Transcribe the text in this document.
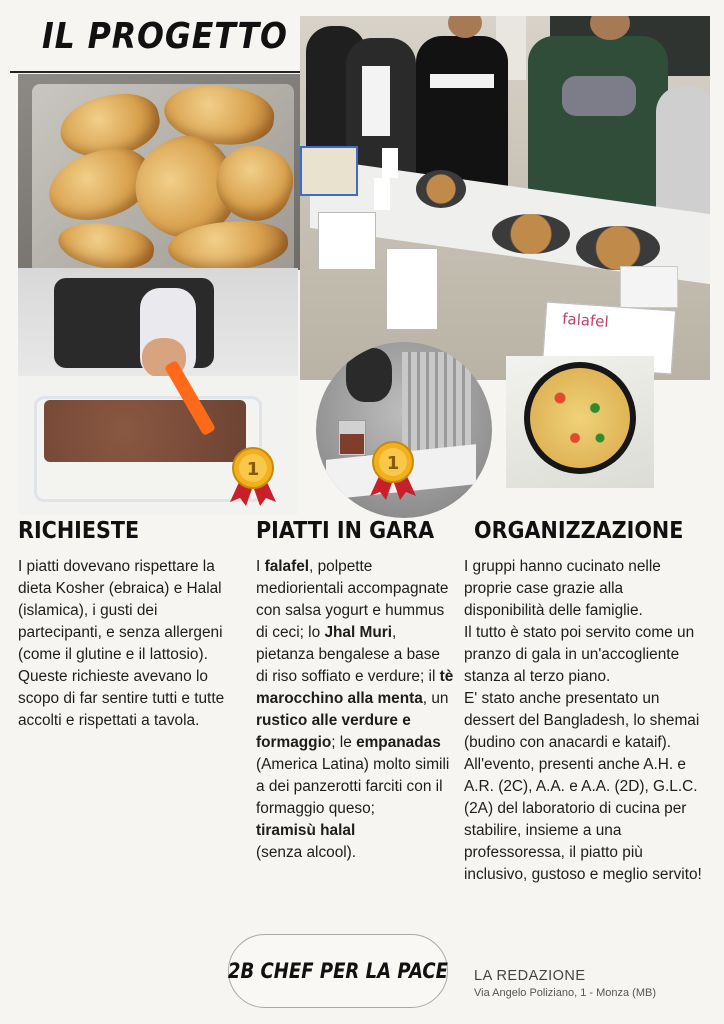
IL PROGETTO
falafel
1	1
RICHIESTE	PIATTI IN GARA ORGANIZZAZIONE

I piatti dovevano rispettare la dieta Kosher (ebraica) e Halal (islamica), i gusti dei partecipanti, e senza allergeni (come il glutine e il lattosio). Queste richieste avevano lo scopo di far sentire tutti e tutte accolti e rispettati a tavola.

I falafel, polpette mediorientali accompagnate con salsa yogurt e hummus di ceci; lo Jhal Muri, pietanza bengalese a base di riso soffiato e verdure; il tè marocchino alla menta, un rustico alle verdure e formaggio; le empanadas (America Latina) molto simili a dei panzerotti farciti con il formaggio queso;
tiramisù halal
(senza alcool).

I gruppi hanno cucinato nelle proprie case grazie alla disponibilità delle famiglie.

Il tutto è stato poi servito come un pranzo di gala in un'accogliente stanza al terzo piano.

E' stato anche presentato un dessert del Bangladesh, lo shemai (budino con anacardi e kataif).

All'evento, presenti anche A.H. e A.R. (2C), A.A. e A.A. (2D), G.L.C. (2A) del laboratorio di cucina per stabilire, insieme a una professoressa, il piatto più inclusivo, gustoso e meglio servito!

2B CHEF PER LA PACE LA REDAZIONE
Via Angelo Poliziano, 1 - Monza (MB)
